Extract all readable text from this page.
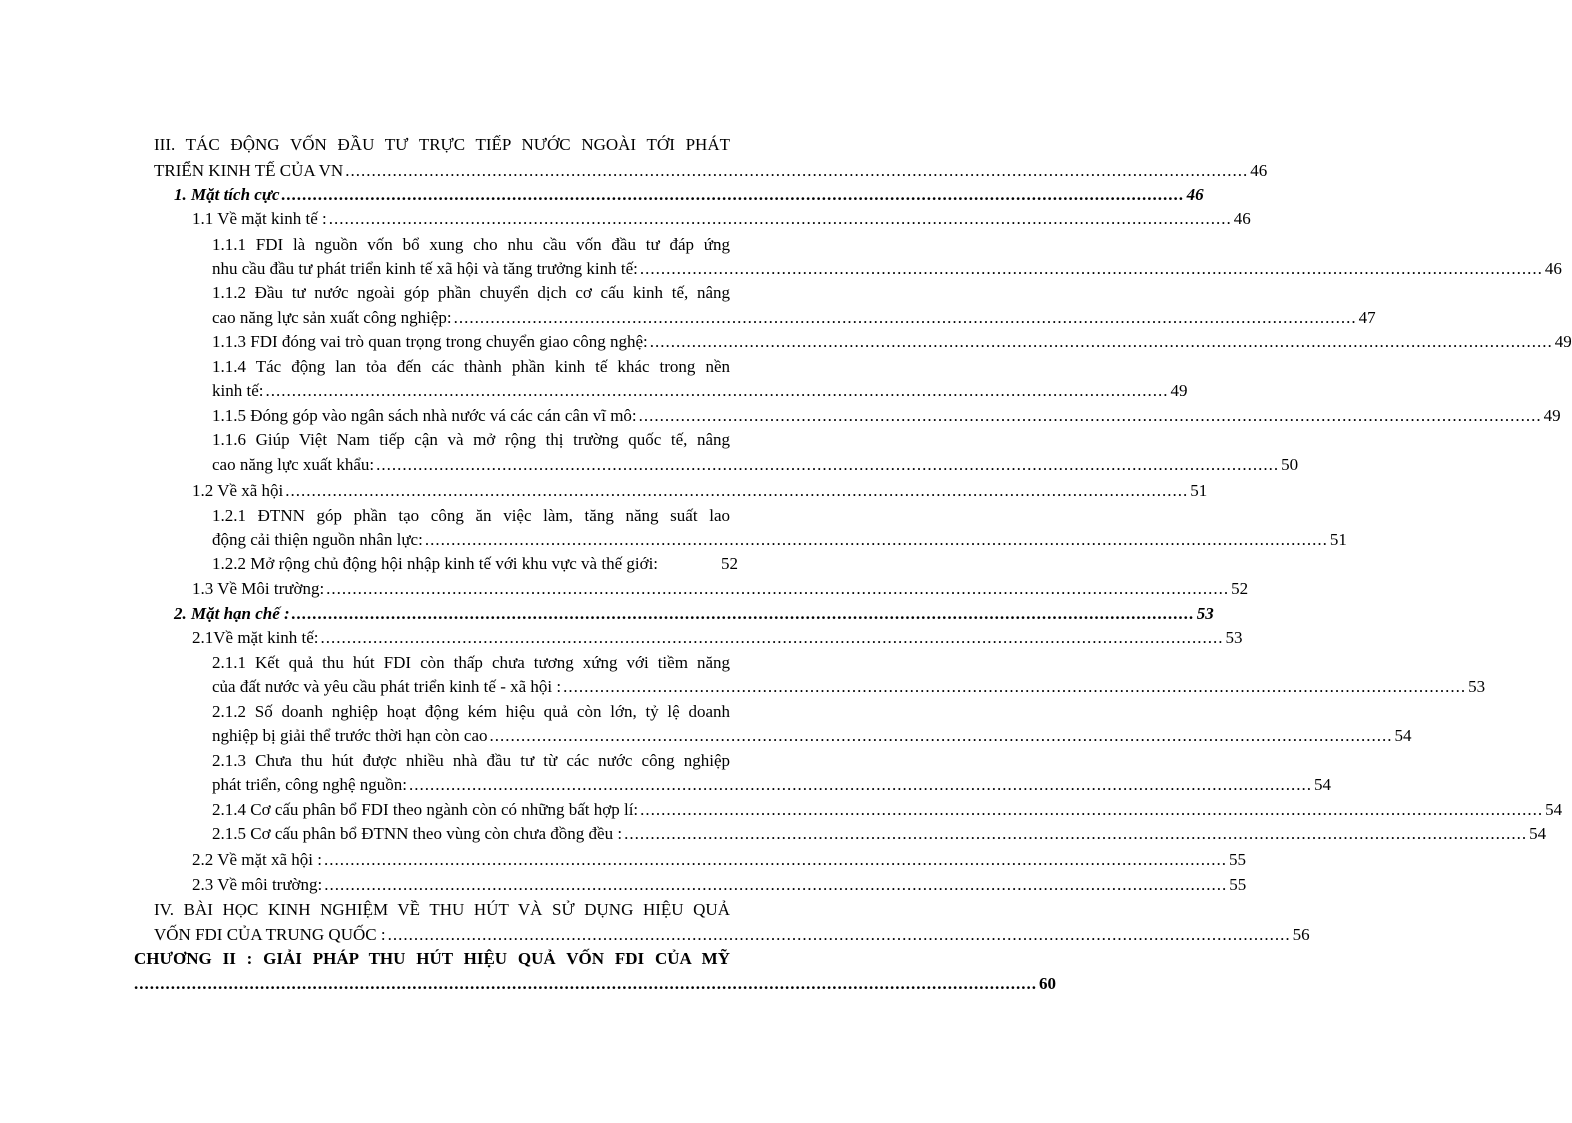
III. TÁC ĐỘNG VỐN ĐẦU TƯ TRỰC TIẾP NƯỚC NGOÀI TỚI PHÁT
TRIỂN KINH TẾ CỦA VN ............................................................................................................................................................................ 46
1. Mặt tích cực ............................................................................................................................................................................ 46
1.1 Về mặt kinh tế : ............................................................................................................................................................................ 46
1.1.1 FDI là nguồn vốn bổ xung cho nhu cầu vốn đầu tư đáp ứng
nhu cầu đầu tư phát triển kinh tế xã hội và tăng trưởng kinh tế: ............................................................................................................................................................................ 46
1.1.2 Đầu tư nước ngoài góp phần chuyển dịch cơ cấu kinh tế, nâng
cao năng lực sản xuất công nghiệp: ............................................................................................................................................................................ 47
1.1.3 FDI đóng vai trò quan trọng trong chuyển giao công nghệ: ............................................................................................................................................................................ 49
1.1.4 Tác động lan tỏa đến các thành phần kinh tế khác trong nền
kinh tế: ............................................................................................................................................................................ 49
1.1.5 Đóng góp vào ngân sách nhà nước vá các cán cân vĩ mô: ............................................................................................................................................................................ 49
1.1.6 Giúp Việt Nam tiếp cận và mở rộng thị trường quốc tế, nâng
cao năng lực xuất khẩu: ............................................................................................................................................................................ 50
1.2 Về xã hội ............................................................................................................................................................................ 51
1.2.1 ĐTNN góp phần tạo công ăn việc làm, tăng năng suất lao
động cải thiện nguồn nhân lực: ............................................................................................................................................................................ 51
1.2.2 Mở rộng chủ động hội nhập kinh tế với khu vực và thế giới:	52
1.3 Về Môi trường: ............................................................................................................................................................................ 52
2. Mặt hạn chế : ............................................................................................................................................................................ 53
2.1Về mặt kinh tế: ............................................................................................................................................................................ 53
2.1.1 Kết quả thu hút FDI còn thấp chưa tương xứng với tiềm năng
của đất nước và yêu cầu phát triển kinh tế - xã hội : ............................................................................................................................................................................ 53
2.1.2 Số doanh nghiệp hoạt động kém hiệu quả còn lớn, tỷ lệ doanh
nghiệp bị giải thể trước thời hạn còn cao ............................................................................................................................................................................ 54
2.1.3 Chưa thu hút được nhiều nhà đầu tư từ các nước công nghiệp
phát triển, công nghệ nguồn: ............................................................................................................................................................................ 54
2.1.4 Cơ cấu phân bổ FDI theo ngành còn có những bất hợp lí: ............................................................................................................................................................................ 54
2.1.5 Cơ cấu phân bổ ĐTNN theo vùng còn chưa đồng đều : ............................................................................................................................................................................ 54
2.2 Về mặt xã hội : ............................................................................................................................................................................ 55
2.3 Về môi trường: ............................................................................................................................................................................ 55
IV. BÀI HỌC KINH NGHIỆM VỀ THU HÚT VÀ SỬ DỤNG HIỆU QUẢ
VỐN FDI CỦA TRUNG QUỐC : ............................................................................................................................................................................ 56
CHƯƠNG II : GIẢI PHÁP THU HÚT HIỆU QUẢ VỐN FDI CỦA MỸ
............................................................................................................................................................................ 60
